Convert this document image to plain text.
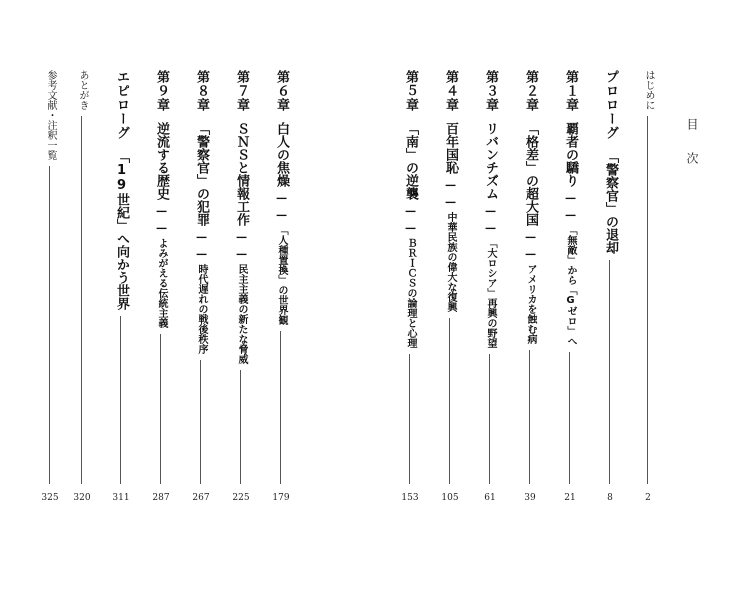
目 次
はじめに
2
プロローグ「警察官」の退却
8
第１章覇者の驕り──「無敵」から「Gゼロ」へ
21
第２章「格差」の超大国──アメリカを蝕む病
39
第３章リバンチズム──「大ロシア」再興の野望
61
第４章百年国恥──中華民族の偉大な復興
105
第５章「南」の逆襲──ＢＲＩＣＳの論理と心理
153
第６章白人の焦燥──「人種置換」の世界観
179
第７章ＳＮＳと情報工作──民主主義の新たな脅威
225
第８章「警察官」の犯罪──時代遅れの戦後秩序
267
第９章逆流する歴史──よみがえる伝統主義
287
エピローグ「19世紀」へ向かう世界
311
あとがき
320
参考文献・注釈一覧
325
